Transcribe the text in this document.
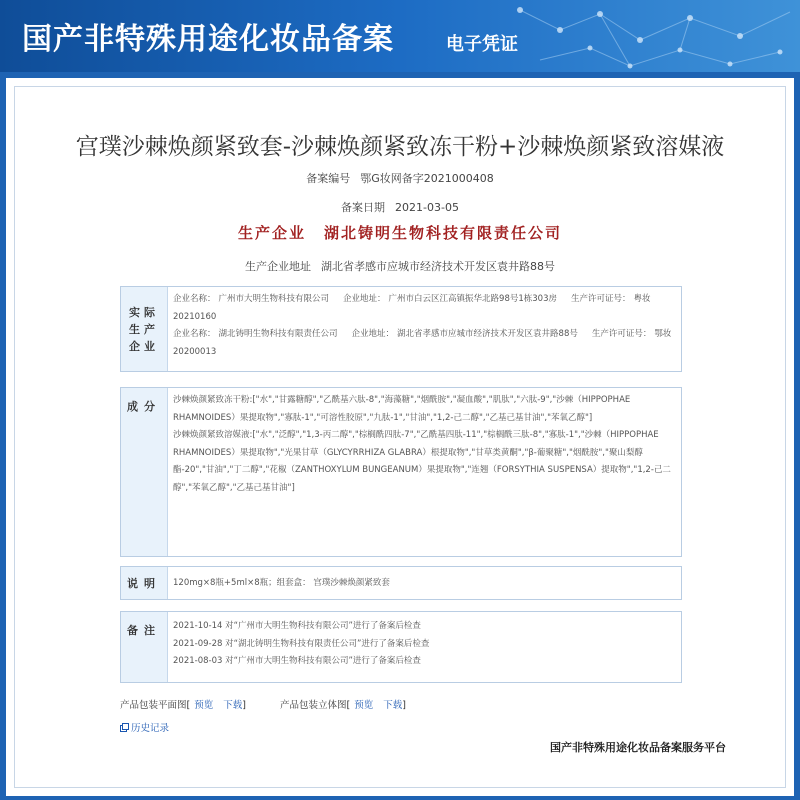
国产非特殊用途化妆品备案	电子凭证
宫璞沙棘焕颜紧致套-沙棘焕颜紧致冻干粉+沙棘焕颜紧致溶媒液
备案编号 鄂G妆网备字2021000408
备案日期 2021-03-05
生产企业 湖北铸明生物科技有限责任公司
生产企业地址 湖北省孝感市应城市经济技术开发区袁井路88号
实际生产企业

企业名称： 广州市大明生物科技有限公司 企业地址： 广州市白云区江高镇振华北路98号1栋303房 生产许可证号： 粤妆20210160

企业名称： 湖北铸明生物科技有限责任公司 企业地址： 湖北省孝感市应城市经济技术开发区袁井路88号 生产许可证号： 鄂妆20200013

成分	沙棘焕颜紧致冻干粉:["水","甘露糖醇","乙酰基六肽-8","海藻糖","烟酰胺","凝血酸","肌肽","六肽-9","沙棘（HIPPOPHAE RHAMNOIDES）果提取物","寡肽-1","可溶性胶原","九肽-1","甘油","1,2-己二醇","乙基己基甘油","苯氧乙醇"]

沙棘焕颜紧致溶媒液:["水","泛醇","1,3-丙二醇","棕榈酰四肽-7","乙酰基四肽-11","棕榈酰三肽-8","寡肽-1","沙棘（HIPPOPHAE RHAMNOIDES）果提取物","光果甘草（GLYCYRRHIZA GLABRA）根提取物","甘草类黄酮","β-葡聚糖","烟酰胺","聚山梨醇酯-20","甘油","丁二醇","花椒（ZANTHOXYLUM BUNGEANUM）果提取物","连翘（FORSYTHIA SUSPENSA）提取物","1,2-己二醇","苯氧乙醇","乙基己基甘油"]

说明	120mg×8瓶+5ml×8瓶；组套盒： 宫璞沙棘焕颜紧致套
备注	2021-10-14 对“广州市大明生物科技有限公司”进行了备案后检查

2021-09-28 对“湖北铸明生物科技有限责任公司”进行了备案后检查

2021-08-03 对“广州市大明生物科技有限公司”进行了备案后检查

产品包装平面图[ 预览 下载]	产品包装立体图[ 预览 下载]
历史记录
国产非特殊用途化妆品备案服务平台
